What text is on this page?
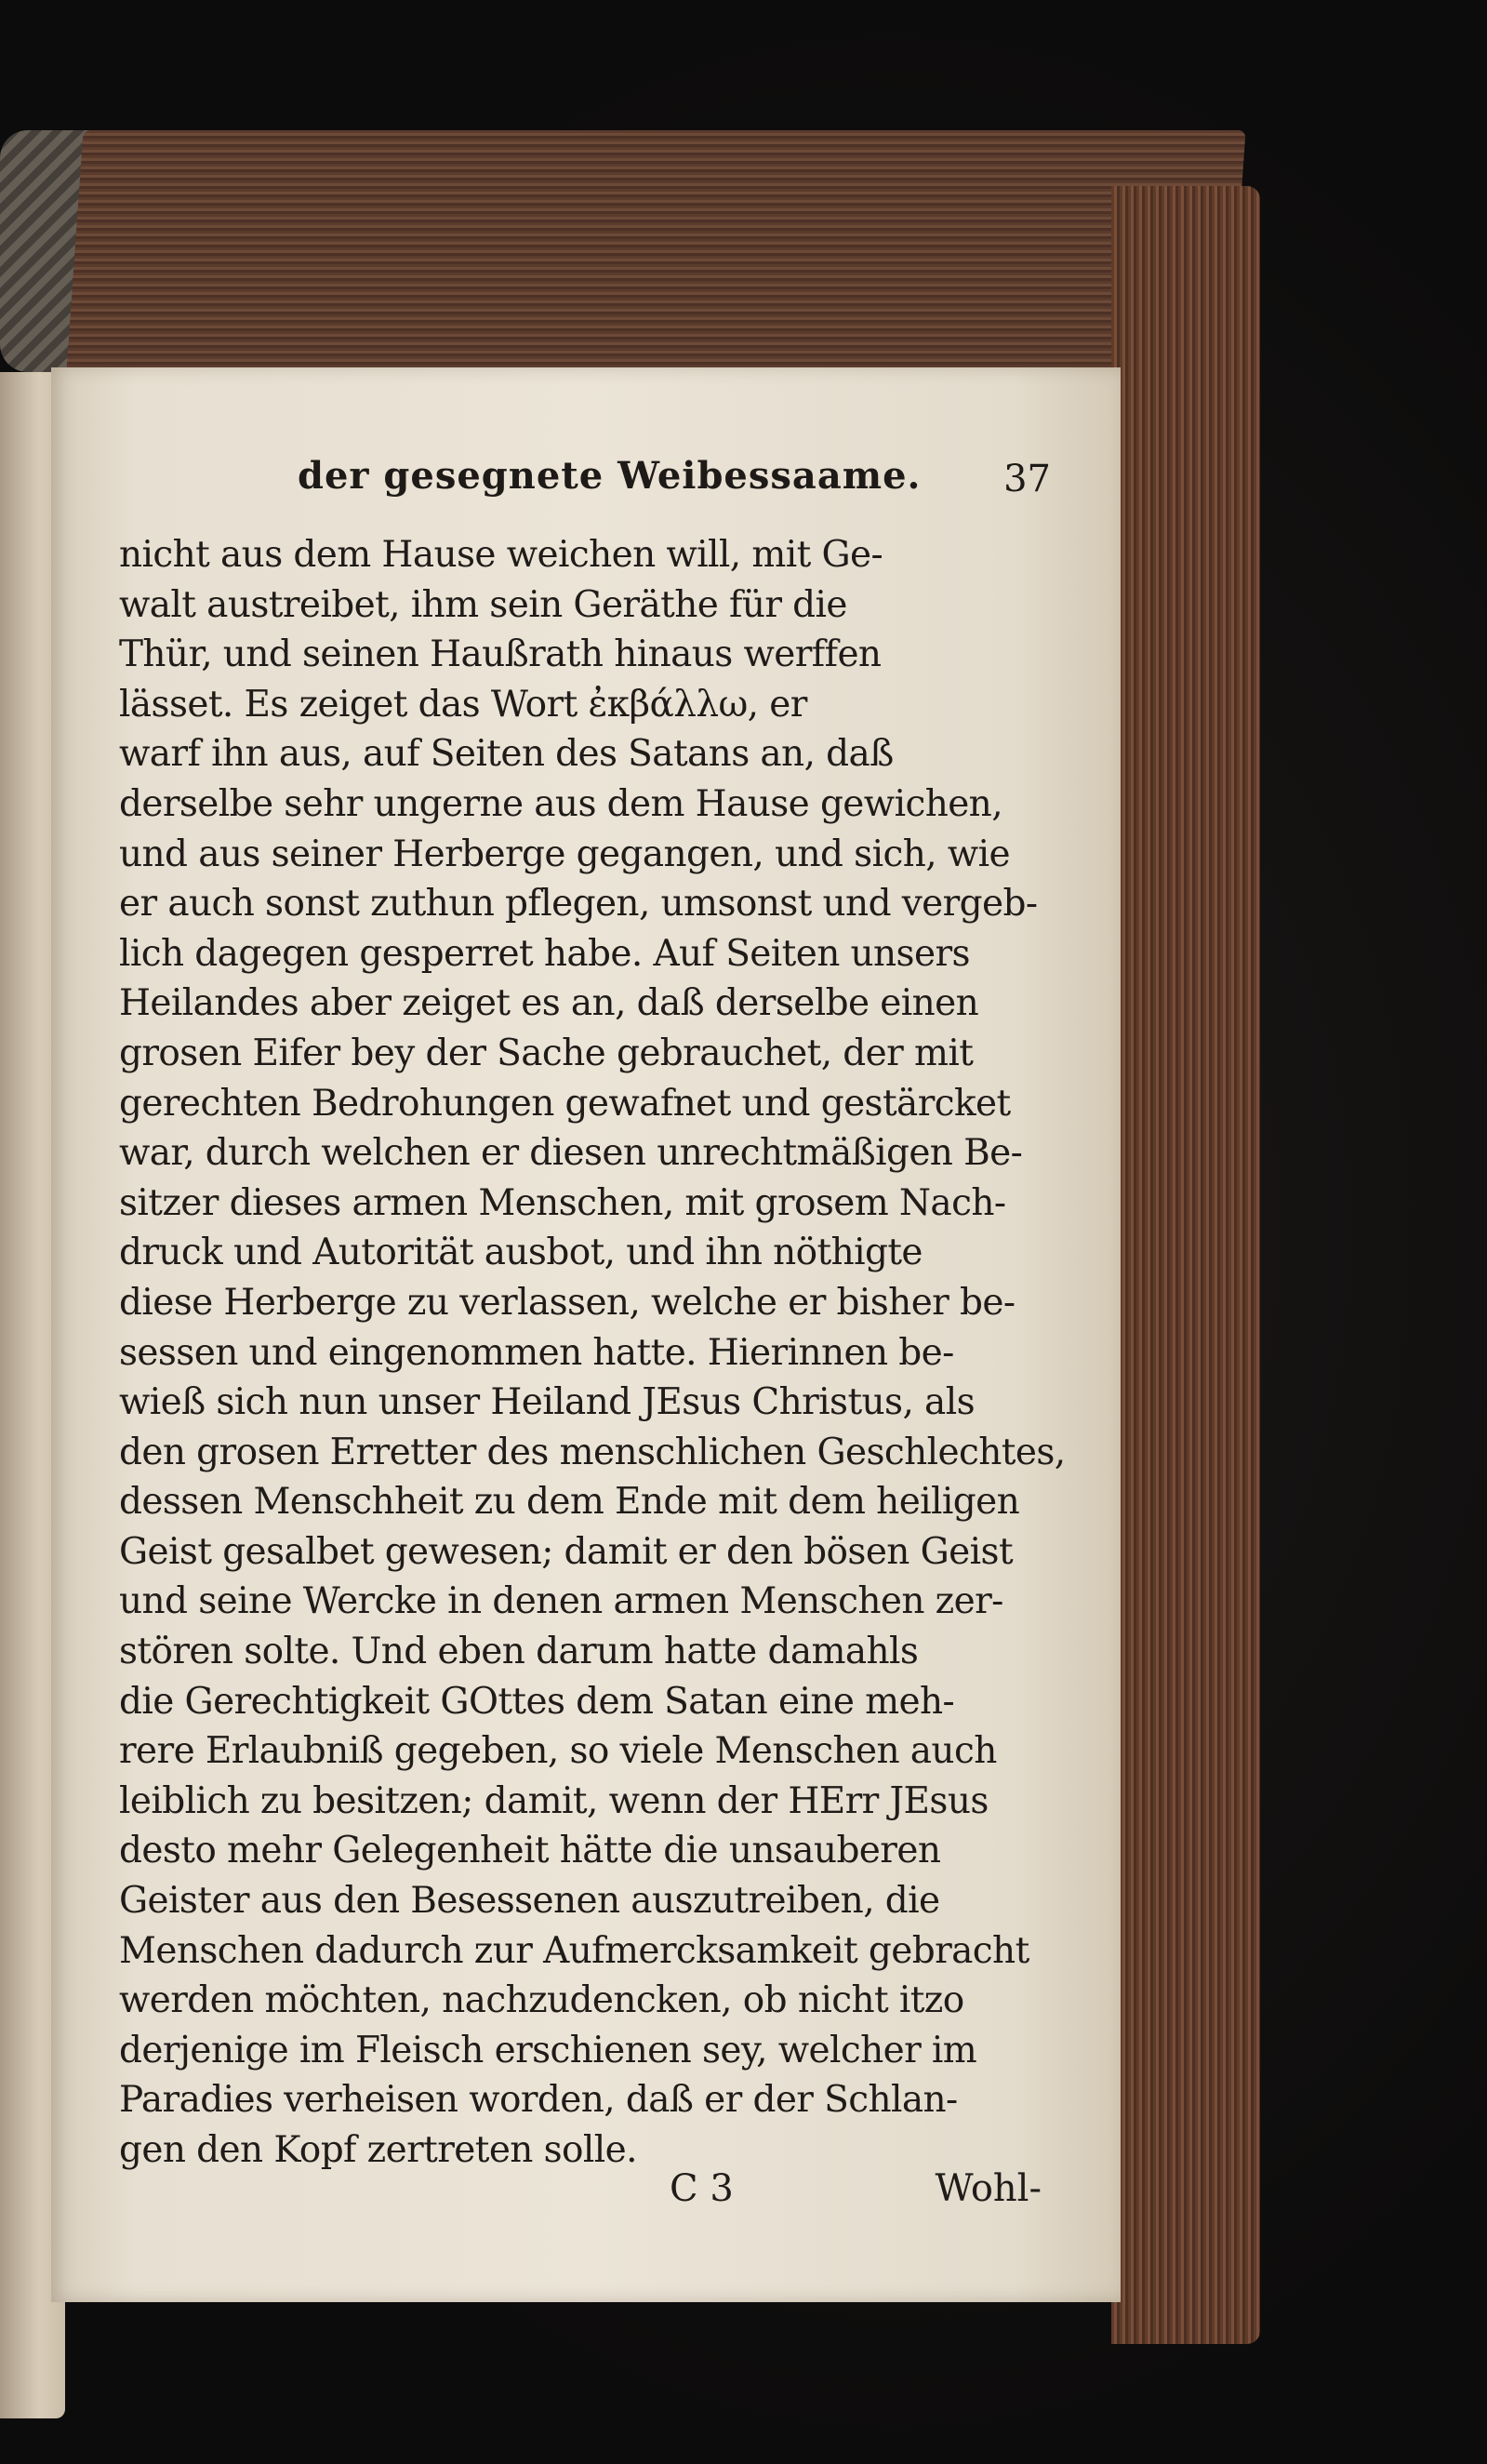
der gesegnete Weibessaame. 37
nicht aus dem Hause weichen will, mit Ge-
walt austreibet, ihm sein Geräthe für die
Thür, und seinen Haußrath hinaus werffen
lässet. Es zeiget das Wort ἐκβάλλω, er
warf ihn aus, auf Seiten des Satans an, daß
derselbe sehr ungerne aus dem Hause gewichen,
und aus seiner Herberge gegangen, und sich, wie
er auch sonst zuthun pflegen, umsonst und vergeb-
lich dagegen gesperret habe. Auf Seiten unsers
Heilandes aber zeiget es an, daß derselbe einen
grosen Eifer bey der Sache gebrauchet, der mit
gerechten Bedrohungen gewafnet und gestärcket
war, durch welchen er diesen unrechtmäßigen Be-
sitzer dieses armen Menschen, mit grosem Nach-
druck und Autorität ausbot, und ihn nöthigte
diese Herberge zu verlassen, welche er bisher be-
sessen und eingenommen hatte. Hierinnen be-
wieß sich nun unser Heiland JEsus Christus, als
den grosen Erretter des menschlichen Geschlechtes,
dessen Menschheit zu dem Ende mit dem heiligen
Geist gesalbet gewesen; damit er den bösen Geist
und seine Wercke in denen armen Menschen zer-
stören solte. Und eben darum hatte damahls
die Gerechtigkeit GOttes dem Satan eine meh-
rere Erlaubniß gegeben, so viele Menschen auch
leiblich zu besitzen; damit, wenn der HErr JEsus
desto mehr Gelegenheit hätte die unsauberen
Geister aus den Besessenen auszutreiben, die
Menschen dadurch zur Aufmercksamkeit gebracht
werden möchten, nachzudencken, ob nicht itzo
derjenige im Fleisch erschienen sey, welcher im
Paradies verheisen worden, daß er der Schlan-
gen den Kopf zertreten solle.
C 3	Wohl-
